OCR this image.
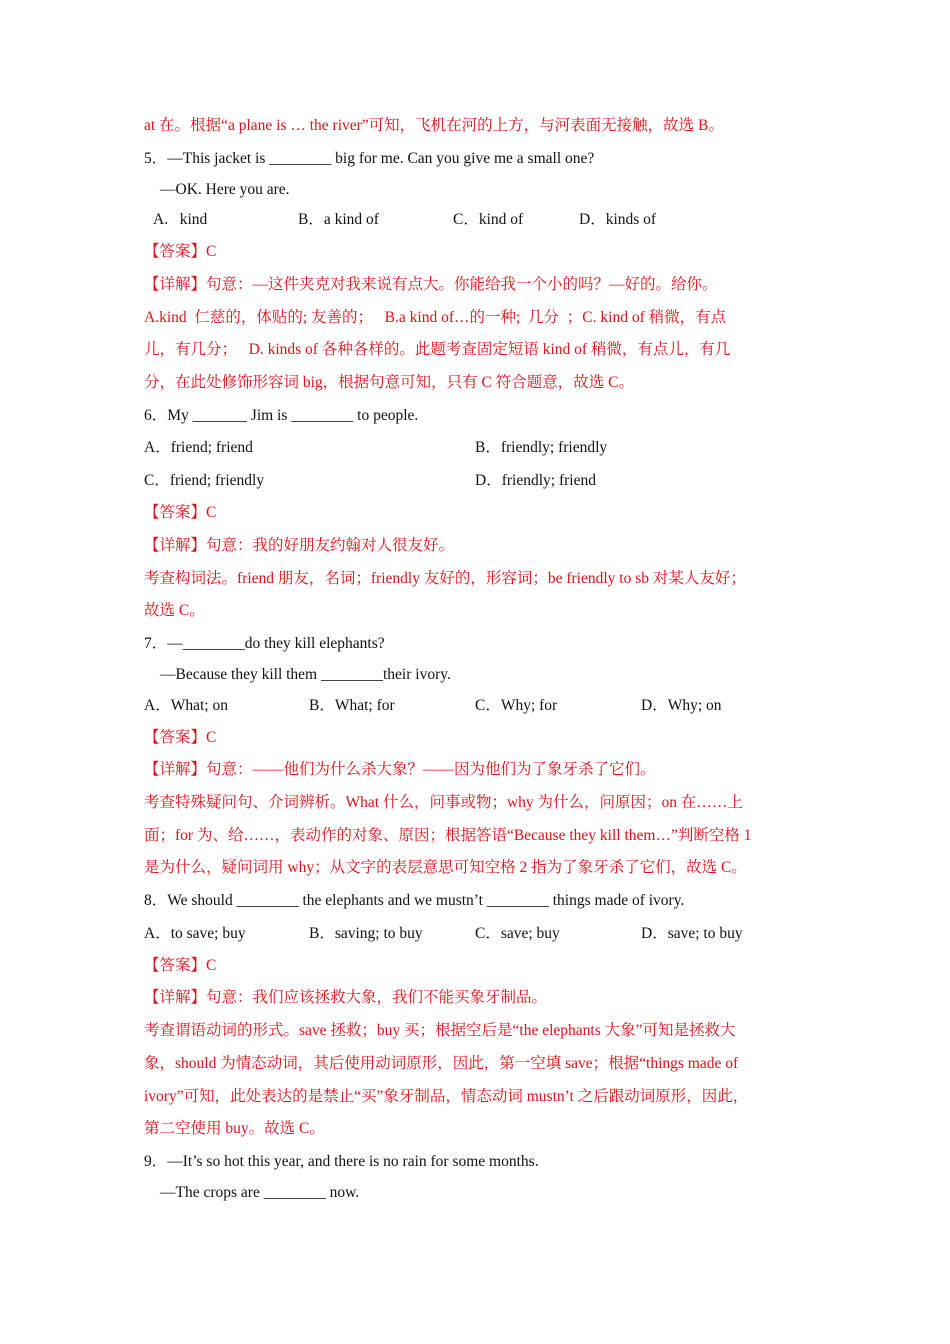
at 在。根据“a plane is … the river”可知，飞机在河的上方，与河表面无接触，故选 B。
5．—This jacket is ________ big for me. Can you give me a small one?
—OK. Here you are.
A.   kind	B．a kind of	C．kind of	D．kinds of
【答案】C
【详解】句意：—这件夹克对我来说有点大。你能给我一个小的吗？—好的。给你。
A.kind  仁慈的，体贴的; 友善的；   B.a kind of…的一种;  几分  ；C. kind of 稍微，有点
儿，有几分；   D. kinds of 各种各样的。此题考查固定短语 kind of 稍微，有点儿，有几
分，在此处修饰形容词 big，根据句意可知，只有 C 符合题意，故选 C。
6．My _______ Jim is ________ to people.
A．friend; friend	B．friendly; friendly
C．friend; friendly	D．friendly; friend
【答案】C
【详解】句意：我的好朋友约翰对人很友好。
考查构词法。friend 朋友，名词；friendly 友好的，形容词；be friendly to sb 对某人友好；
故选 C。
7．—________do they kill elephants?
—Because they kill them ________their ivory.
A．What; on	B．What; for	C．Why; for	D．Why; on
【答案】C
【详解】句意：——他们为什么杀大象？——因为他们为了象牙杀了它们。
考查特殊疑问句、介词辨析。What 什么，问事或物；why 为什么，问原因；on 在……上
面；for 为、给……，表动作的对象、原因；根据答语“Because they kill them…”判断空格 1
是为什么，疑问词用 why；从文字的表层意思可知空格 2 指为了象牙杀了它们，故选 C。
8．We should ________ the elephants and we mustn’t ________ things made of ivory.
A．to save; buy	B．saving; to buy	C．save; buy	D．save; to buy
【答案】C
【详解】句意：我们应该拯救大象，我们不能买象牙制品。
考查谓语动词的形式。save 拯救；buy 买；根据空后是“the elephants 大象”可知是拯救大
象，should 为情态动词，其后使用动词原形，因此，第一空填 save；根据“things made of
ivory”可知，此处表达的是禁止“买”象牙制品，情态动词 mustn’t 之后跟动词原形，因此，
第二空使用 buy。故选 C。
9．—It’s so hot this year, and there is no rain for some months.
—The crops are ________ now.
